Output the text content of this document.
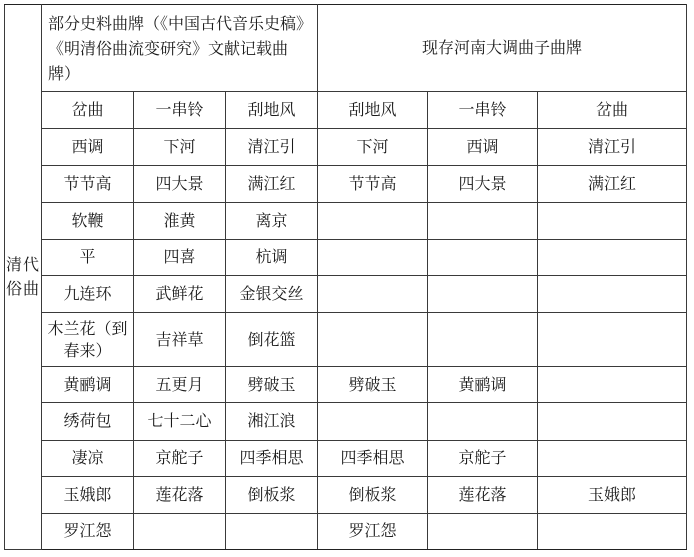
清代俗曲	部分史料曲牌（《中国古代音乐史稿》《明清俗曲流变研究》文献记载曲牌）			现存河南大调曲子曲牌		
	岔曲	一串铃	刮地风	刮地风	一串铃	岔曲
	西调	下河	清江引	下河	西调	清江引
	节节高	四大景	满江红	节节高	四大景	满江红
	软鞭	淮黄	离京			
	平	四喜	杭调			
	九连环	武鲜花	金银交丝			
	木兰花（到春来）	吉祥草	倒花篮			
	黄鹂调	五更月	劈破玉	劈破玉	黄鹂调	
	绣荷包	七十二心	湘江浪			
	凄凉	京舵子	四季相思	四季相思	京舵子	
	玉娥郎	莲花落	倒板浆	倒板浆	莲花落	玉娥郎
	罗江怨			罗江怨		
